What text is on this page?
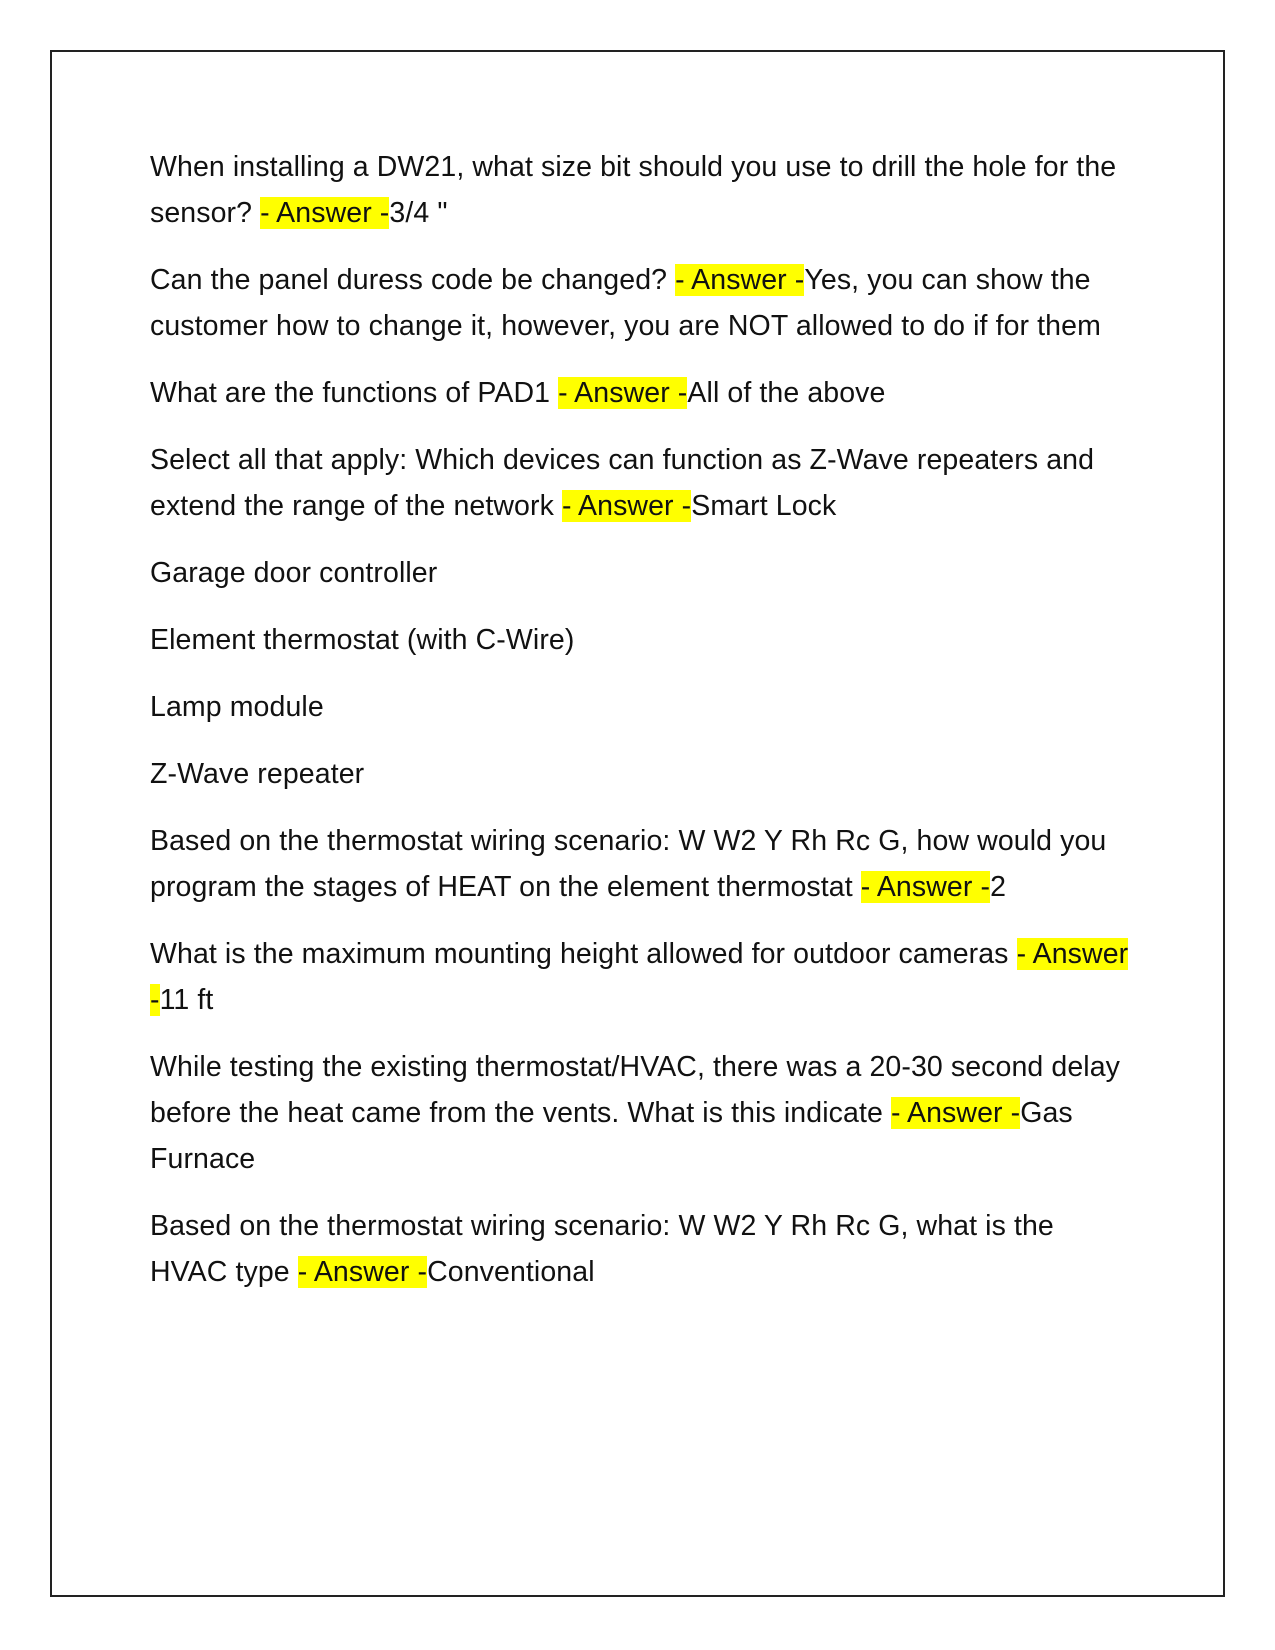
When installing a DW21, what size bit should you use to drill the hole for the sensor? - Answer -3/4 "

Can the panel duress code be changed? - Answer -Yes, you can show the customer how to change it, however, you are NOT allowed to do if for them

What are the functions of PAD1 - Answer -All of the above

Select all that apply: Which devices can function as Z-Wave repeaters and extend the range of the network - Answer -Smart Lock

Garage door controller

Element thermostat (with C-Wire)

Lamp module

Z-Wave repeater

Based on the thermostat wiring scenario: W W2 Y Rh Rc G, how would you program the stages of HEAT on the element thermostat - Answer -2

What is the maximum mounting height allowed for outdoor cameras - Answer -11 ft

While testing the existing thermostat/HVAC, there was a 20-30 second delay before the heat came from the vents. What is this indicate - Answer -Gas Furnace

Based on the thermostat wiring scenario: W W2 Y Rh Rc G, what is the HVAC type - Answer -Conventional
